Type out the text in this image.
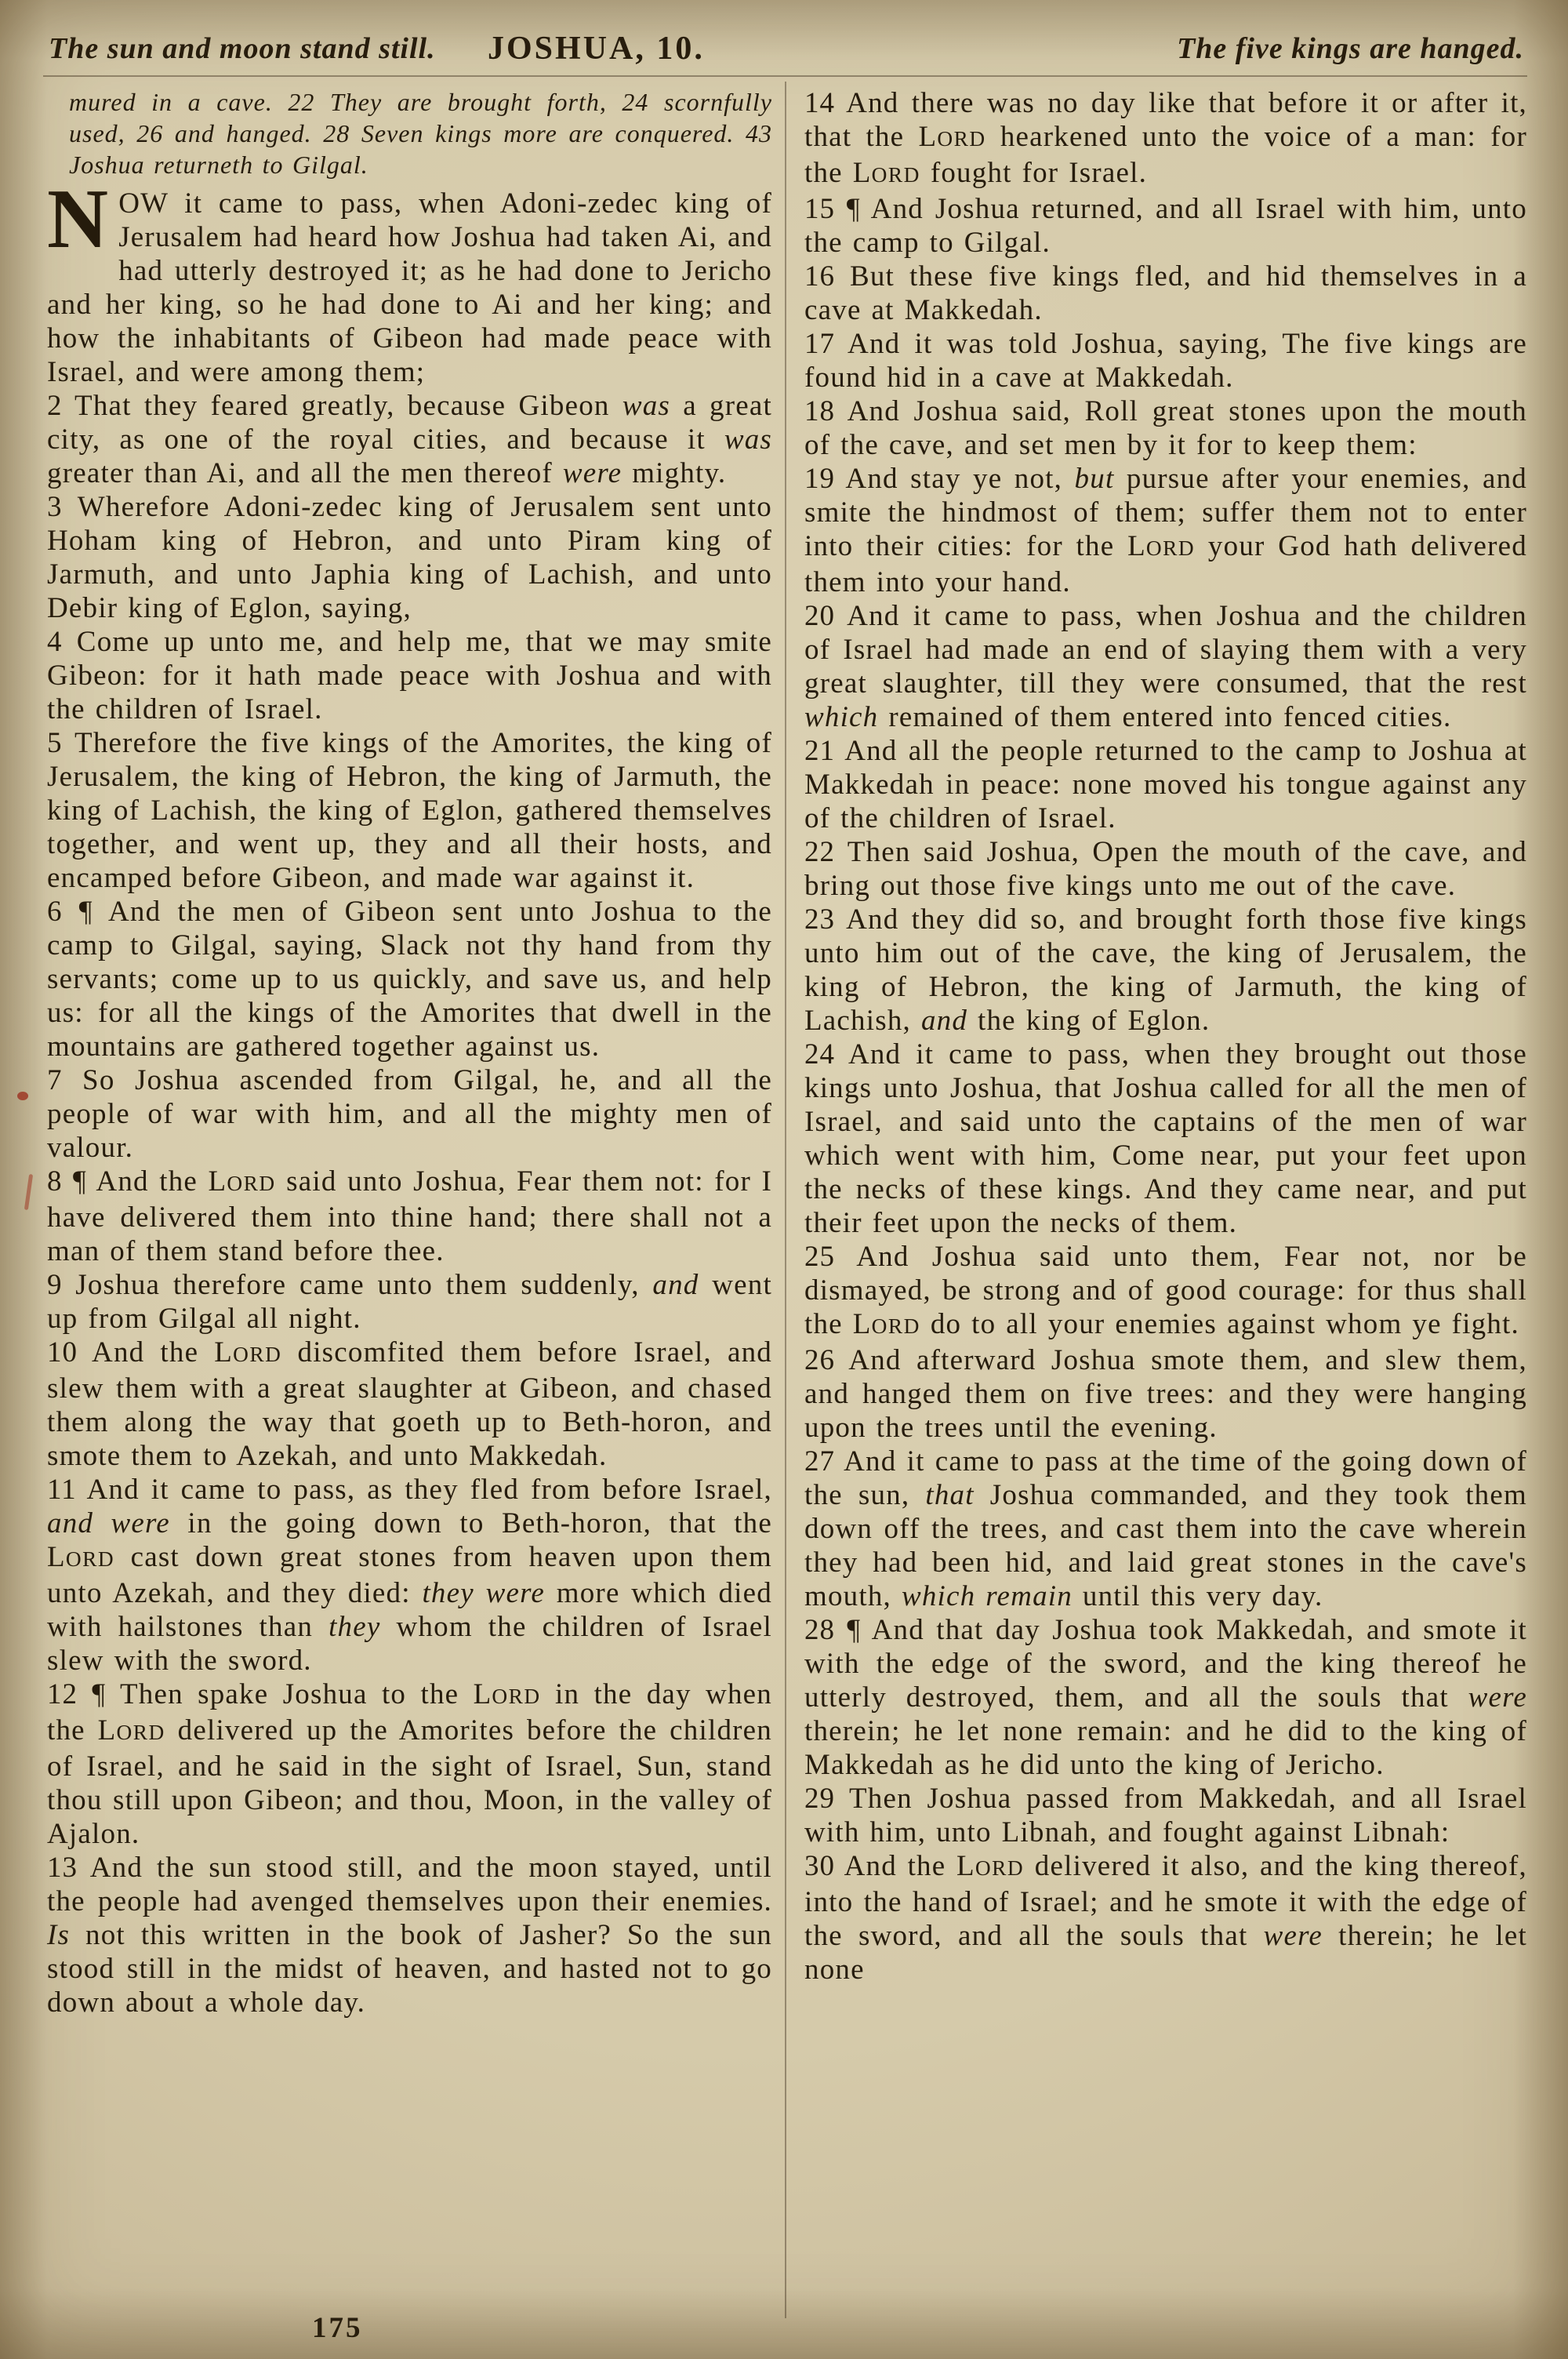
The sun and moon stand still. JOSHUA, 10.	The five kings are hanged.

mured in a cave. 22 They are brought forth, 24 scornfully used, 26 and hanged. 28 Seven kings more are conquered. 43 Joshua returneth to Gilgal.

NOW it came to pass, when Adoni-zedec king of Jerusalem had heard how Joshua had taken Ai, and had utterly destroyed it; as he had done to Jericho and her king, so he had done to Ai and her king; and how the inhabitants of Gibeon had made peace with Israel, and were among them;

2 That they feared greatly, because Gibeon was a great city, as one of the royal cities, and because it was greater than Ai, and all the men thereof were mighty.

3 Wherefore Adoni-zedec king of Jerusalem sent unto Hoham king of Hebron, and unto Piram king of Jarmuth, and unto Japhia king of Lachish, and unto Debir king of Eglon, saying,

4 Come up unto me, and help me, that we may smite Gibeon: for it hath made peace with Joshua and with the children of Israel.

5 Therefore the five kings of the Amorites, the king of Jerusalem, the king of Hebron, the king of Jarmuth, the king of Lachish, the king of Eglon, gathered themselves together, and went up, they and all their hosts, and encamped before Gibeon, and made war against it.

6 ¶ And the men of Gibeon sent unto Joshua to the camp to Gilgal, saying, Slack not thy hand from thy servants; come up to us quickly, and save us, and help us: for all the kings of the Amorites that dwell in the mountains are gathered together against us.

7 So Joshua ascended from Gilgal, he, and all the people of war with him, and all the mighty men of valour.

8 ¶ And the LORD said unto Joshua, Fear them not: for I have delivered them into thine hand; there shall not a man of them stand before thee.

9 Joshua therefore came unto them suddenly, and went up from Gilgal all night.

10 And the LORD discomfited them before Israel, and slew them with a great slaughter at Gibeon, and chased them along the way that goeth up to Beth-horon, and smote them to Azekah, and unto Makkedah.

11 And it came to pass, as they fled from before Israel, and were in the going down to Beth-horon, that the LORD cast down great stones from heaven upon them unto Azekah, and they died: they were more which died with hailstones than they whom the children of Israel slew with the sword.

12 ¶ Then spake Joshua to the LORD in the day when the LORD delivered up the Amorites before the children of Israel, and he said in the sight of Israel, Sun, stand thou still upon Gibeon; and thou, Moon, in the valley of Ajalon.

13 And the sun stood still, and the moon stayed, until the people had avenged themselves upon their enemies. Is not this written in the book of Jasher? So the sun stood still in the midst of heaven, and hasted not to go down about a whole day.

14 And there was no day like that before it or after it, that the LORD hearkened unto the voice of a man: for the LORD fought for Israel.

15 ¶ And Joshua returned, and all Israel with him, unto the camp to Gilgal.

16 But these five kings fled, and hid themselves in a cave at Makkedah.

17 And it was told Joshua, saying, The five kings are found hid in a cave at Makkedah.

18 And Joshua said, Roll great stones upon the mouth of the cave, and set men by it for to keep them:

19 And stay ye not, but pursue after your enemies, and smite the hindmost of them; suffer them not to enter into their cities: for the LORD your God hath delivered them into your hand.

20 And it came to pass, when Joshua and the children of Israel had made an end of slaying them with a very great slaughter, till they were consumed, that the rest which remained of them entered into fenced cities.

21 And all the people returned to the camp to Joshua at Makkedah in peace: none moved his tongue against any of the children of Israel.

22 Then said Joshua, Open the mouth of the cave, and bring out those five kings unto me out of the cave.

23 And they did so, and brought forth those five kings unto him out of the cave, the king of Jerusalem, the king of Hebron, the king of Jarmuth, the king of Lachish, and the king of Eglon.

24 And it came to pass, when they brought out those kings unto Joshua, that Joshua called for all the men of Israel, and said unto the captains of the men of war which went with him, Come near, put your feet upon the necks of these kings. And they came near, and put their feet upon the necks of them.

25 And Joshua said unto them, Fear not, nor be dismayed, be strong and of good courage: for thus shall the LORD do to all your enemies against whom ye fight.

26 And afterward Joshua smote them, and slew them, and hanged them on five trees: and they were hanging upon the trees until the evening.

27 And it came to pass at the time of the going down of the sun, that Joshua commanded, and they took them down off the trees, and cast them into the cave wherein they had been hid, and laid great stones in the cave's mouth, which remain until this very day.

28 ¶ And that day Joshua took Makkedah, and smote it with the edge of the sword, and the king thereof he utterly destroyed, them, and all the souls that were therein; he let none remain: and he did to the king of Makkedah as he did unto the king of Jericho.

29 Then Joshua passed from Makkedah, and all Israel with him, unto Libnah, and fought against Libnah:

30 And the LORD delivered it also, and the king thereof, into the hand of Israel; and he smote it with the edge of the sword, and all the souls that were therein; he let none

175
